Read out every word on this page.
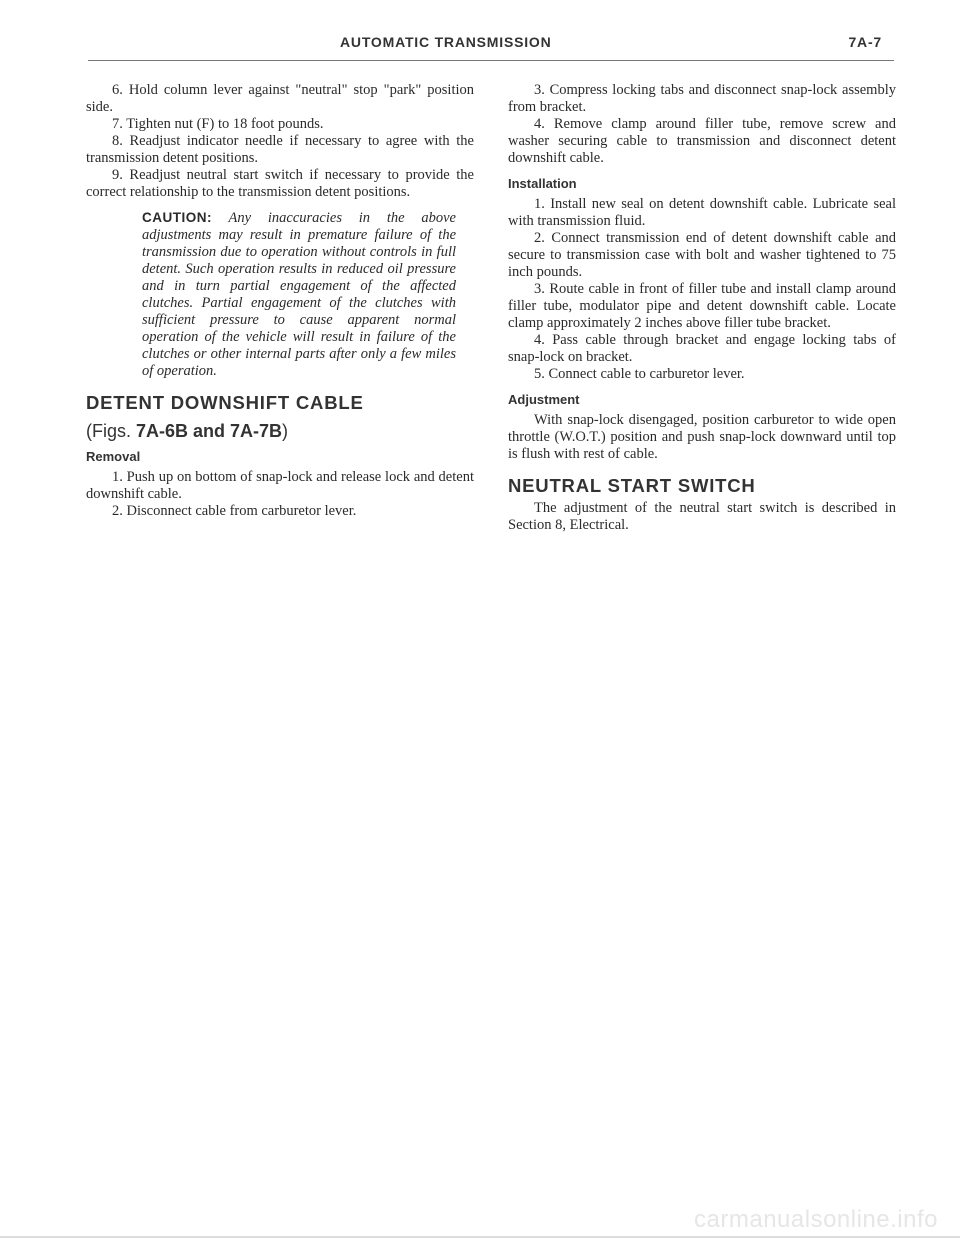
AUTOMATIC TRANSMISSION	7A-7

6. Hold column lever against "neutral" stop "park" position side.

7. Tighten nut (F) to 18 foot pounds.

8. Readjust indicator needle if necessary to agree with the transmission detent positions.

9. Readjust neutral start switch if necessary to provide the correct relationship to the transmission detent positions.

CAUTION: Any inaccuracies in the above adjustments may result in premature failure of the transmission due to operation without controls in full detent. Such operation results in reduced oil pressure and in turn partial engagement of the affected clutches. Partial engagement of the clutches with sufficient pressure to cause apparent normal operation of the vehicle will result in failure of the clutches or other internal parts after only a few miles of operation.
DETENT DOWNSHIFT CABLE
(Figs. 7A-6B and 7A-7B)
Removal

1. Push up on bottom of snap-lock and release lock and detent downshift cable.

2. Disconnect cable from carburetor lever.

3. Compress locking tabs and disconnect snap-lock assembly from bracket.

4. Remove clamp around filler tube, remove screw and washer securing cable to transmission and disconnect detent downshift cable.

Installation

1. Install new seal on detent downshift cable. Lubricate seal with transmission fluid.

2. Connect transmission end of detent downshift cable and secure to transmission case with bolt and washer tightened to 75 inch pounds.

3. Route cable in front of filler tube and install clamp around filler tube, modulator pipe and detent downshift cable. Locate clamp approximately 2 inches above filler tube bracket.

4. Pass cable through bracket and engage locking tabs of snap-lock on bracket.

5. Connect cable to carburetor lever.

Adjustment

With snap-lock disengaged, position carburetor to wide open throttle (W.O.T.) position and push snap-lock downward until top is flush with rest of cable.

NEUTRAL START SWITCH

The adjustment of the neutral start switch is described in Section 8, Electrical.

carmanualsonline.info
